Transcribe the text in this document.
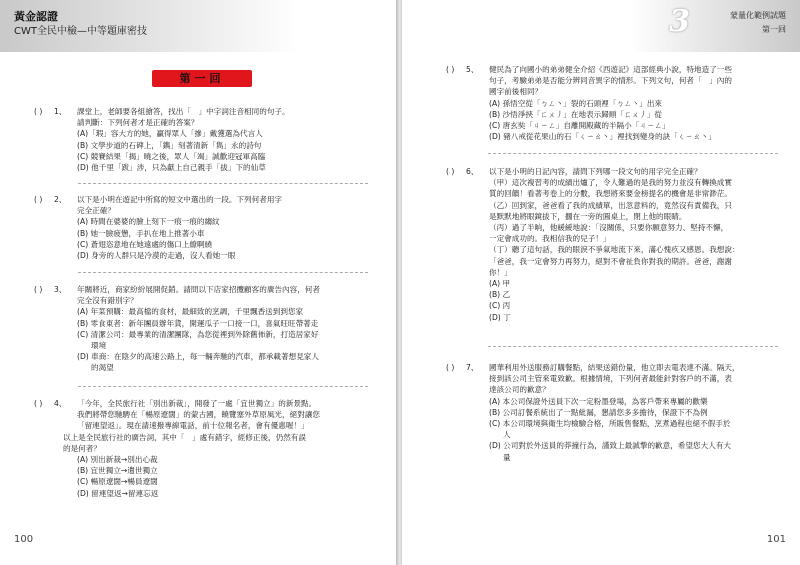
黃金認證
CWT全民中檢—中等題庫密技
第一回
( ) 1、 課堂上，老師要各組搶答，找出「　」中字詞注音相同的句子。
請判斷：下列何者才是正確的答案？
(A)「瑕」容大方的她，贏得眾人「摻」戴獲選為代言人
(B) 文學步道的石碑上，「鐫」刻著清新「雋」永的詩句
(C) 競賽結果「揭」曉之後，眾人「竭」誠歡迎冠軍高臨
(D) 他千里「跋」涉，只為獻上自己親手「拔」下的仙草
( ) 2、 以下是小明在遊記中所寫的短文中選出的一段。下列何者用字
完全正確？
(A) 時間在婆婆的臉上刻下一痕一痕的縐紋
(B) 她一臉疲憊，手扒在地上推著小車
(C) 蒼翅恣意地在她遠處的傷口上繚啊繞
(D) 身旁的人群只是冷漠的走過，沒人看她一眼
( ) 3、 年關將近，商家紛紛展開促銷。請問以下店家招攬顧客的廣告內容，何者
完全沒有錯別字？
(A) 年菜預購：最高檔的食材，最細致的烹調，千里飄香送到到您家
(B) 零食東者：新年團員辦年貨，開運瓜子一口接一口，喜氣旺旺帶著走
(C) 清潔公司：最專業的清潔團隊，為您從裡到外除舊佈新，打造居家好
環境
(D) 車商：在陰夕的高速公路上，每一輛奔馳的汽車，都承載著想見家人
的渴望
( ) 4、 「今年，全民旅行社「別出新裁」，開發了一處「宜世獨立」的新景點。
我們將帶您馳騁在「暢原遼闊」的蒙古國，饒覽塞外草原風光，絕對讓您
「留連望返」。現在請速撥專線電話，前十位報名者，會有優惠喔！」
以上是全民旅行社的廣告詞，其中「　」處有錯字，經修正後，仍然有誤
的是何者？
(A) 別出新裁→別出心裁
(B) 宜世獨立→遺世獨立
(C) 暢原遼闊→暢員遼闊
(D) 留連望返→留連忘返
100
3	蒙量化範例試題
第一回
( ) 5、 健民為了向國小的弟弟健全介紹《西遊記》這部經典小說，特地造了一些
句子，考驗弟弟是否能分辨同音異字的情形。下列文句，何者「　」內的
國字前後相同？
(A) 孫悟空從「ㄅㄥ丶」裂的石頭裡「ㄅㄥ丶」出來
(B) 沙悟淨挾「ㄈㄨ丿」在地表示歸順「ㄈㄨ丿」從
(C) 唐玄奘「ㄐㄧㄥ」自離開殿藏的半隔小「ㄐㄧㄥ」
(D) 豬八戒從花果山的石「ㄑㄧㄠ丶」裡找到變身的訣「ㄑㄧㄠ丶」
( ) 6、 以下是小明的日記內容，請問下列哪一段文句的用字完全正確？
（甲）這次複習考的成績出爐了，令人難過的是我的努力並沒有轉換成實
質的回饋！看著考卷上的分數，我想將來要金榜提名的機會是非常渺茫。
（乙）回到家，爸爸看了我的成績單，出忽意料的，竟然沒有責備我，只
是默默地將眼鏡拔下，擱在一旁的圓桌上，閉上他的眼睛。
（丙）過了半晌，他緩緩地說：「沒關係，只要你願意努力、堅持不懈，
一定會成功的。我相信我的兒子！」
（丁）聽了這句話，我的眼淚不爭氣地流下來，滿心愧疚又感恩。我想說：
「爸爸，我一定會努力再努力，絕對不會祉負你對我的期許。爸爸，謝謝
你！」
(A) 甲
(B) 乙
(C) 丙
(D) 丁
( ) 7、 國華利用外送服務訂購餐點，結果送錯份量，他立即去電表達不滿。隔天，
接到該公司主管來電致歉。根據情境，下列何者最能針對客戶的不滿，表
達該公司的歉意？
(A) 本公司保證外送員下次一定粉墨登場，為客戶帶來專屬的歡樂
(B) 公司訂餐系統出了一點紕漏，懇請您多多擔待，保證下不為例
(C) 本公司環境與衛生均檢驗合格，所販售餐點，烹煮過程也絕不假手於
人
(D) 公司對於外送員的莽撞行為，謹致上最誠摯的歉意，希望您大人有大
量
101
